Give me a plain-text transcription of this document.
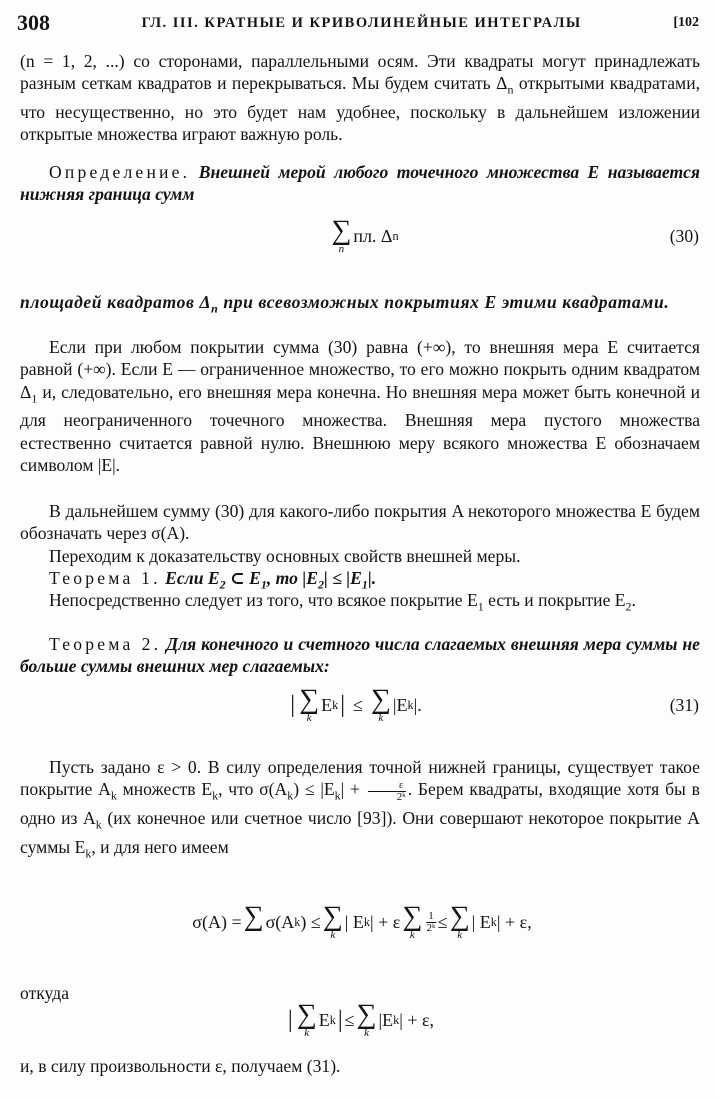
308	ГЛ. III. КРАТНЫЕ И КРИВОЛИНЕЙНЫЕ ИНТЕГРАЛЫ	[102
(n = 1, 2, ...) со сторонами, параллельными осям. Эти квадраты могут принадлежать разным сеткам квадратов и перекрываться. Мы будем считать $\Delta_n$ открытыми квадратами, что несущественно, но это будет нам удобнее, поскольку в дальнейшем изложении открытые множества играют важную роль.
Определение. Внешней мерой любого точечного множества E называется нижняя граница сумм
∑
n
пл. Δ n	(30)
площадей квадратов $\Delta_n$ при всевозможных покрытиях E этими квадратами.
Если при любом покрытии сумма (30) равна (+∞), то внешняя мера E считается равной (+∞). Если E — ограниченное множество, то его можно покрыть одним квадратом $\Delta_1$ и, следовательно, его внешняя мера конечна. Но внешняя мера может быть конечной и для неограниченного точечного множества. Внешняя мера пустого множества естественно считается равной нулю. Внешнюю меру всякого множества E обозначаем символом |E|.
В дальнейшем сумму (30) для какого-либо покрытия A некоторого множества E будем обозначать через σ(A).
Переходим к доказательству основных свойств внешней меры.
Теорема 1. Если $E_2$ ⊂ $E_1$, то $|E_2| \le |E_1|$.
Непосредственно следует из того, что всякое покрытие $E_1$ есть и покрытие $E_2$.
Теорема 2. Для конечного и счетного числа слагаемых внешняя мера суммы не больше суммы внешних мер слагаемых:
| ∑
k
E k | ≤ ∑
k
|E k |.	(31)
Пусть задано ε > 0. В силу определения точной нижней границы, существует такое покрытие $A_k$ множеств $E_k$, что $\sigma(A_k) \le |E_k| + \frac{\varepsilon}{\text{2ᵏ}}$ . Берем квадраты, входящие хотя бы в одно из $A_k$ (их конечное или счетное число [93]). Они совершают некоторое покрытие A суммы $E_k$, и для него имеем
σ(A) = ∑
σ(A k ) ≤ ∑
k
| E k | + ε ∑
k
$\frac{1}{\text{2ᵏ}}$ ≤ ∑
k
| E k | + ε,
откуда
| ∑
k
E k | ≤ ∑
k
|E k | + ε,
и, в силу произвольности ε, получаем (31).
